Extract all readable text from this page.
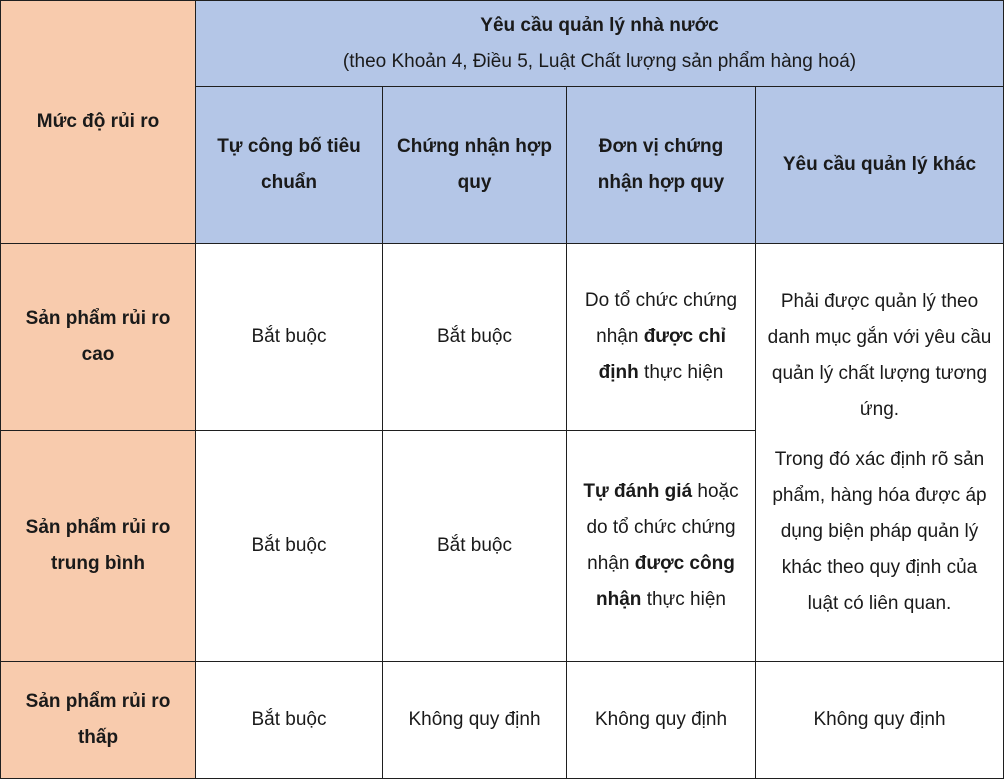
Mức độ rủi ro	Yêu cầu quản lý nhà nước
(theo Khoản 4, Điều 5, Luật Chất lượng sản phẩm hàng hoá)			

	Tự công bố tiêu chuẩn	Chứng nhận hợp quy	Đơn vị chứng nhận hợp quy	Yêu cầu quản lý khác
Sản phẩm rủi ro cao	Bắt buộc	Bắt buộc	Do tổ chức chứng nhận được chỉ định thực hiện	Phải được quản lý theo danh mục gắn với yêu cầu quản lý chất lượng tương ứng.

Trong đó xác định rõ sản phẩm, hàng hóa được áp dụng biện pháp quản lý khác theo quy định của luật có liên quan.

Sản phẩm rủi ro trung bình	Bắt buộc	Bắt buộc	Tự đánh giá hoặc do tổ chức chứng nhận được công nhận thực hiện	
Sản phẩm rủi ro thấp	Bắt buộc	Không quy định	Không quy định	Không quy định
